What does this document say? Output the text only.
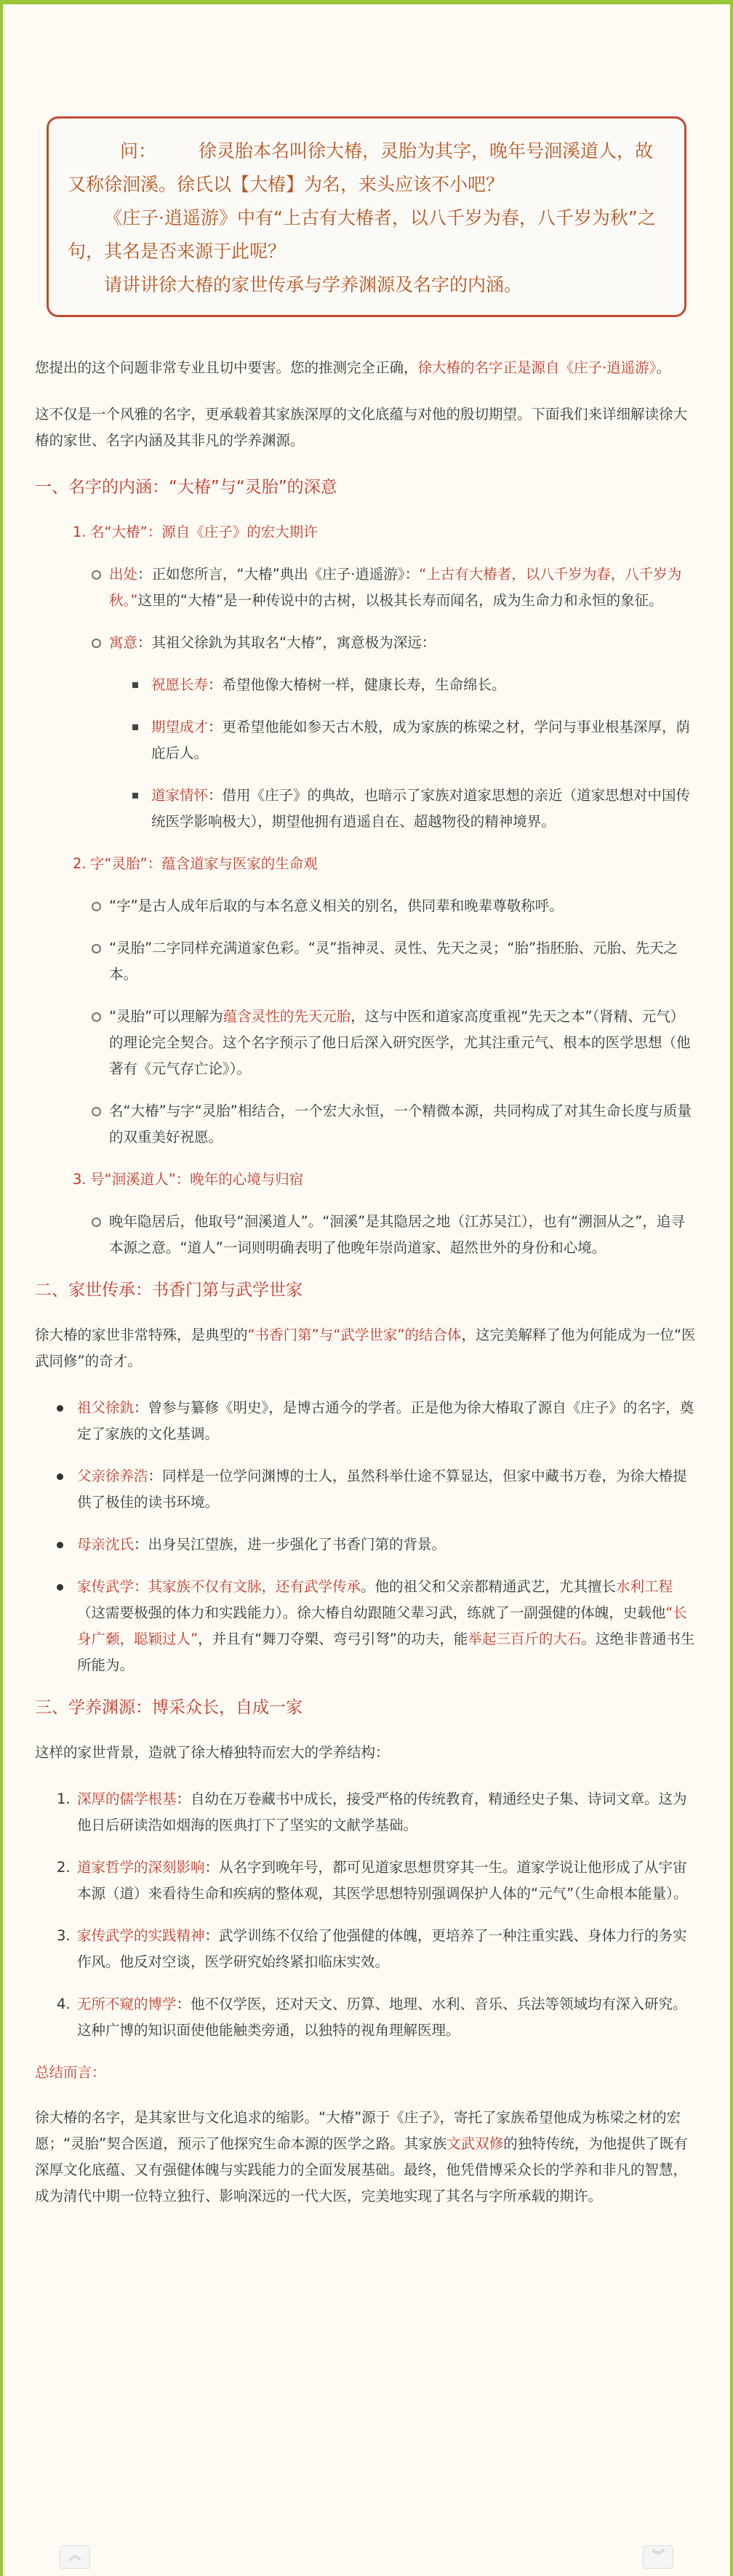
问： 徐灵胎本名叫徐大椿，灵胎为其字，晚年号洄溪道人，故又称徐洄溪。徐氏以【大椿】为名，来头应该不小吧？

《庄子·逍遥游》中有“上古有大椿者，以八千岁为春，八千岁为秋”之句，其名是否来源于此呢？

请讲讲徐大椿的家世传承与学养渊源及名字的内涵。

您提出的这个问题非常专业且切中要害。您的推测完全正确，徐大椿的名字正是源自《庄子·逍遥游》。

这不仅是一个风雅的名字，更承载着其家族深厚的文化底蕴与对他的殷切期望。下面我们来详细解读徐大椿的家世、名字内涵及其非凡的学养渊源。

一、名字的内涵：“大椿”与“灵胎”的深意
1. 名“大椿”：源自《庄子》的宏大期许
出处：正如您所言，“大椿”典出《庄子·逍遥游》：“上古有大椿者，以八千岁为春，八千岁为秋。”这里的“大椿”是一种传说中的古树，以极其长寿而闻名，成为生命力和永恒的象征。
寓意：其祖父徐釚为其取名“大椿”，寓意极为深远：
祝愿长寿：希望他像大椿树一样，健康长寿，生命绵长。
期望成才：更希望他能如参天古木般，成为家族的栋梁之材，学问与事业根基深厚，荫庇后人。
道家情怀：借用《庄子》的典故，也暗示了家族对道家思想的亲近（道家思想对中国传统医学影响极大），期望他拥有逍遥自在、超越物役的精神境界。
2. 字“灵胎”：蕴含道家与医家的生命观
“字”是古人成年后取的与本名意义相关的别名，供同辈和晚辈尊敬称呼。
“灵胎”二字同样充满道家色彩。“灵”指神灵、灵性、先天之灵；“胎”指胚胎、元胎、先天之本。
“灵胎”可以理解为蕴含灵性的先天元胎，这与中医和道家高度重视“先天之本”（肾精、元气）的理论完全契合。这个名字预示了他日后深入研究医学，尤其注重元气、根本的医学思想（他著有《元气存亡论》）。
名“大椿”与字“灵胎”相结合，一个宏大永恒，一个精微本源，共同构成了对其生命长度与质量的双重美好祝愿。
3. 号“洄溪道人”：晚年的心境与归宿
晚年隐居后，他取号“洄溪道人”。“洄溪”是其隐居之地（江苏吴江），也有“溯洄从之”，追寻本源之意。“道人”一词则明确表明了他晚年崇尚道家、超然世外的身份和心境。
二、家世传承：书香门第与武学世家

徐大椿的家世非常特殊，是典型的“书香门第”与“武学世家”的结合体，这完美解释了他为何能成为一位“医武同修”的奇才。

祖父徐釚：曾参与纂修《明史》，是博古通今的学者。正是他为徐大椿取了源自《庄子》的名字，奠定了家族的文化基调。
父亲徐养浩：同样是一位学问渊博的士人，虽然科举仕途不算显达，但家中藏书万卷，为徐大椿提供了极佳的读书环境。
母亲沈氏：出身吴江望族，进一步强化了书香门第的背景。
家传武学：其家族不仅有文脉，还有武学传承。他的祖父和父亲都精通武艺，尤其擅长水利工程（这需要极强的体力和实践能力）。徐大椿自幼跟随父辈习武，练就了一副强健的体魄，史载他“长身广颡，聪颖过人”，并且有“舞刀夺槊、弯弓引弩”的功夫，能举起三百斤的大石。这绝非普通书生所能为。
三、学养渊源：博采众长，自成一家

这样的家世背景，造就了徐大椿独特而宏大的学养结构：

1. 深厚的儒学根基：自幼在万卷藏书中成长，接受严格的传统教育，精通经史子集、诗词文章。这为他日后研读浩如烟海的医典打下了坚实的文献学基础。
2. 道家哲学的深刻影响：从名字到晚年号，都可见道家思想贯穿其一生。道家学说让他形成了从宇宙本源（道）来看待生命和疾病的整体观，其医学思想特别强调保护人体的“元气”（生命根本能量）。
3. 家传武学的实践精神：武学训练不仅给了他强健的体魄，更培养了一种注重实践、身体力行的务实作风。他反对空谈，医学研究始终紧扣临床实效。
4. 无所不窥的博学：他不仅学医，还对天文、历算、地理、水利、音乐、兵法等领域均有深入研究。这种广博的知识面使他能触类旁通，以独特的视角理解医理。
总结而言：

徐大椿的名字，是其家世与文化追求的缩影。“大椿”源于《庄子》，寄托了家族希望他成为栋梁之材的宏愿；“灵胎”契合医道，预示了他探究生命本源的医学之路。其家族文武双修的独特传统，为他提供了既有深厚文化底蕴、又有强健体魄与实践能力的全面发展基础。最终，他凭借博采众长的学养和非凡的智慧，成为清代中期一位特立独行、影响深远的一代大医，完美地实现了其名与字所承载的期许。

︽	︾
